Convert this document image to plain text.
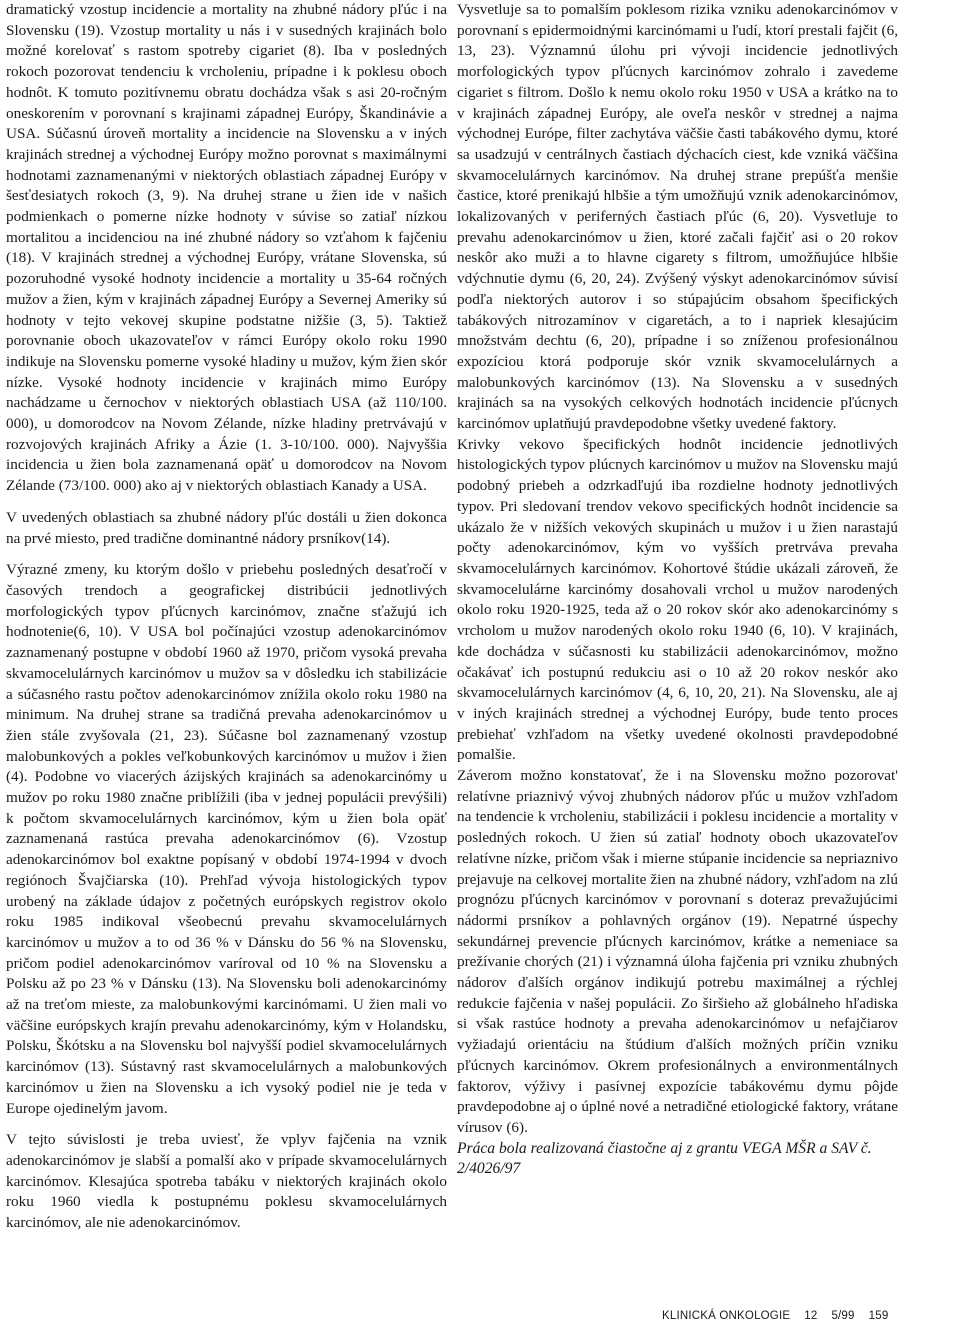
dramatický vzostup incidencie a mortality na zhubné nádory pľúc i na Slovensku (19). Vzostup mortality u nás i v susedných krajinách bolo možné korelovať s rastom spotreby cigariet (8). Iba v posledných rokoch pozorovat tendenciu k vrcholeniu, prípadne i k poklesu oboch hodnôt. K tomuto pozitívnemu obratu dochádza však s asi 20-ročným oneskorením v porovnaní s krajinami západnej Európy, Škandinávie a USA. Súčasnú úroveň mortality a incidencie na Slovensku a v iných krajinách strednej a východnej Európy možno porovnat s maximálnymi hodnotami zaznamenanými v niektorých oblastiach západnej Európy v šesťdesiatych rokoch (3, 9). Na druhej strane u žien ide v našich podmienkach o pomerne nízke hodnoty v súvise so zatiaľ nízkou mortalitou a incidenciou na iné zhubné nádory so vzťahom k fajčeniu (18). V krajinách strednej a východnej Európy, vrátane Slovenska, sú pozoruhodné vysoké hodnoty incidencie a mortality u 35-64 ročných mužov a žien, kým v krajinách západnej Európy a Severnej Ameriky sú hodnoty v tejto vekovej skupine podstatne nižšie (3, 5). Taktiež porovnanie oboch ukazovateľov v rámci Európy okolo roku 1990 indikuje na Slovensku pomerne vysoké hladiny u mužov, kým žien skór nízke. Vysoké hodnoty incidencie v krajinách mimo Európy nachádzame u černochov v niektorých oblastiach USA (až 110/100. 000), u domorodcov na Novom Zélande, nízke hladiny pretrvávajú v rozvojových krajinách Afriky a Ázie (1. 3-10/100. 000). Najvyššia incidencia u žien bola zaznamenaná opäť u domorodcov na Novom Zélande (73/100. 000) ako aj v niektorých oblastiach Kanady a USA.

V uvedených oblastiach sa zhubné nádory pľúc dostáli u žien dokonca na prvé miesto, pred tradične dominantné nádory prsníkov(14).

Výrazné zmeny, ku ktorým došlo v priebehu posledných desaťročí v časových trendoch a geografickej distribúcii jednotlivých morfologických typov pľúcnych karcinómov, značne sťažujú ich hodnotenie(6, 10). V USA bol počínajúci vzostup adenokarcinómov zaznamenaný postupne v období 1960 až 1970, pričom vysoká prevaha skvamocelulárnych karcinómov u mužov sa v dôsledku ich stabilizácie a súčasného rastu počtov adenokarcinómov znížila okolo roku 1980 na minimum. Na druhej strane sa tradičná prevaha adenokarcinómov u žien stále zvyšovala (21, 23). Súčasne bol zaznamenaný vzostup malobunkových a pokles veľkobunkových karcinómov u mužov i žien (4). Podobne vo viacerých ázijských krajinách sa adenokarcinómy u mužov po roku 1980 značne priblížili (iba v jednej populácii prevýšili) k počtom skvamocelulárnych karcinómov, kým u žien bola opäť zaznamenaná rastúca prevaha adenokarcinómov (6). Vzostup adenokarcinómov bol exaktne popísaný v období 1974-1994 v dvoch regiónoch Švajčiarska (10). Prehľad vývoja histologických typov urobený na základe údajov z početných európskych registrov okolo roku 1985 indikoval všeobecnú prevahu skvamocelulárnych karcinómov u mužov a to od 36 % v Dánsku do 56 % na Slovensku, pričom podiel adenokarcinómov varíroval od 10 % na Slovensku a Polsku až po 23 % v Dánsku (13). Na Slovensku boli adenokarcinómy až na treťom mieste, za malobunkovými karcinómami. U žien mali vo väčšine európskych krajín prevahu adenokarcinómy, kým v Holandsku, Polsku, Škótsku a na Slovensku bol najvyšší podiel skvamocelulárnych karcinómov (13). Sústavný rast skvamocelulárnych a malobunkových karcinómov u žien na Slovensku a ich vysoký podiel nie je teda v Europe ojedinelým javom.

V tejto súvislosti je treba uviesť, že vplyv fajčenia na vznik adenokarcinómov je slabší a pomalší ako v prípade skvamocelulárnych karcinómov. Klesajúca spotreba tabáku v niektorých krajinách okolo roku 1960 viedla k postupnému poklesu skvamocelulárnych karcinómov, ale nie adenokarcinómov.

Vysvetluje sa to pomalším poklesom rizika vzniku adenokarcinómov v porovnaní s epidermoidnými karcinómami u ľudí, ktorí prestali fajčit (6, 13, 23). Významnú úlohu pri vývoji incidencie jednotlivých morfologických typov pľúcnych karcinómov zohralo i zavedeme cigariet s filtrom. Došlo k nemu okolo roku 1950 v USA a krátko na to v krajinách západnej Európy, ale oveľa neskôr v strednej a najma východnej Európe, filter zachytáva väčšie časti tabákového dymu, ktoré sa usadzujú v centrálnych častiach dýchacích ciest, kde vzniká väčšina skvamocelulárnych karcinómov. Na druhej strane prepúšťa menšie častice, ktoré prenikajú hlbšie a tým umožňujú vznik adenokarcinómov, lokalizovaných v periferných častiach pľúc (6, 20). Vysvetluje to prevahu adenokarcinómov u žien, ktoré začali fajčiť asi o 20 rokov neskôr ako muži a to hlavne cigarety s filtrom, umožňujúce hlbšie vdýchnutie dymu (6, 20, 24). Zvýšený výskyt adenokarcinómov súvisí podľa niektorých autorov i so stúpajúcim obsahom špecifických tabákových nitrozamínov v cigaretách, a to i napriek klesajúcim množstvám dechtu (6, 20), prípadne i so zníženou profesionálnou expozíciou ktorá podporuje skór vznik skvamocelulárnych a malobunkových karcinómov (13). Na Slovensku a v susedných krajinách sa na vysokých celkových hodnotách incidencie pľúcnych karcinómov uplatňujú pravdepodobne všetky uvedené faktory.

Krivky vekovo špecifických hodnôt incidencie jednotlivých histologických typov plúcnych karcinómov u mužov na Slovensku majú podobný priebeh a odzrkadľujú iba rozdielne hodnoty jednotlivých typov. Pri sledovaní trendov vekovo specifických hodnôt incidencie sa ukázalo že v nižších vekových skupinách u mužov i u žien narastajú počty adenokarcinómov, kým vo vyšších pretrváva prevaha skvamocelulárnych karcinómov. Kohortové štúdie ukázali zároveň, že skvamocelulárne karcinómy dosahovali vrchol u mužov narodených okolo roku 1920-1925, teda až o 20 rokov skór ako adenokarcinómy s vrcholom u mužov narodených okolo roku 1940 (6, 10). V krajinách, kde dochádza v súčasnosti ku stabilizácii adenokarcinómov, možno očakávať ich postupnú redukciu asi o 10 až 20 rokov neskór ako skvamocelulárnych karcinómov (4, 6, 10, 20, 21). Na Slovensku, ale aj v iných krajinách strednej a východnej Európy, bude tento proces prebiehať vzhľadom na všetky uvedené okolnosti pravdepodobné pomalšie.

Záverom možno konstatovať, že i na Slovensku možno pozorovat' relatívne priaznivý vývoj zhubných nádorov pľúc u mužov vzhľadom na tendencie k vrcholeniu, stabilizácii i poklesu incidencie a mortality v posledných rokoch. U žien sú zatiaľ hodnoty oboch ukazovateľov relatívne nízke, pričom však i mierne stúpanie incidencie sa nepriaznivo prejavuje na celkovej mortalite žien na zhubné nádory, vzhľadom na zlú prognózu pľúcnych karcinómov v porovnaní s doteraz prevažujúcimi nádormi prsníkov a pohlavných orgánov (19). Nepatrné úspechy sekundárnej prevencie pľúcnych karcinómov, krátke a nemeniace sa prežívanie chorých (21) i významná úloha fajčenia pri vzniku zhubných nádorov ďalších orgánov indikujú potrebu maximálnej a rýchlej redukcie fajčenia v našej populácii. Zo širšieho až globálneho hľadiska si však rastúce hodnoty a prevaha adenokarcinómov u nefajčiarov vyžiadajú orientáciu na štúdium ďalších možných príčin vzniku pľúcnych karcinómov. Okrem profesionálnych a environmentálnych faktorov, výživy i pasívnej expozície tabákovému dymu pôjde pravdepodobne aj o úplné nové a netradičné etiologické faktory, vrátane vírusov (6).

Práca bola realizovaná čiastočne aj z grantu VEGA MŠR a SAV č. 2/4026/97

KLINICKÁ ONKOLOGIE 12 5/99 159
